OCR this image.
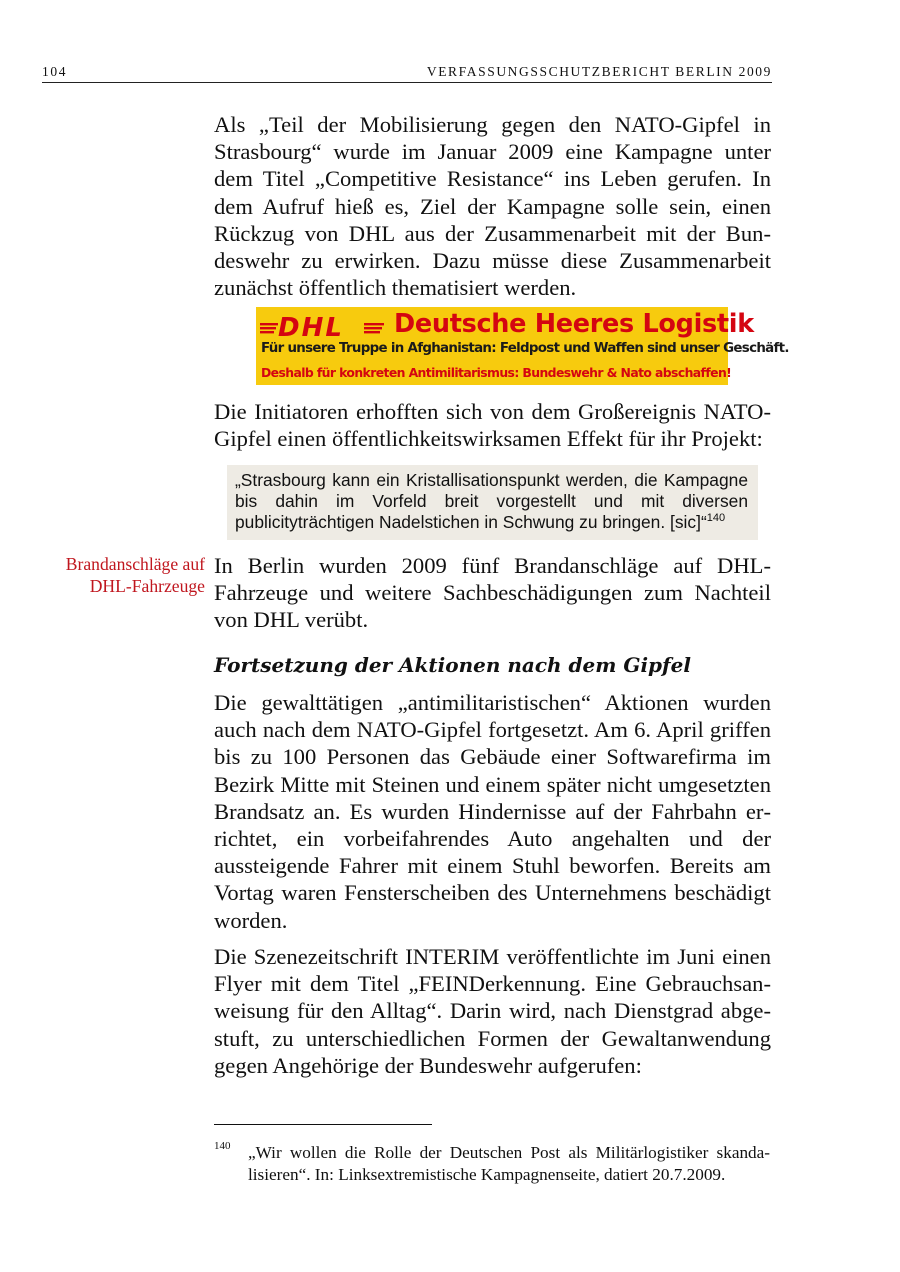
104	VERFASSUNGSSCHUTZBERICHT BERLIN 2009

Als „Teil der Mobilisierung gegen den NATO-Gipfel in Strasbourg“ wurde im Januar 2009 eine Kampagne unter dem Titel „Competitive Resistance“ ins Leben gerufen. In dem Aufruf hieß es, Ziel der Kampagne solle sein, einen Rückzug von DHL aus der Zusammenarbeit mit der Bundeswehr zu erwirken. Dazu müsse diese Zusammenarbeit zunächst öffentlich thematisiert werden.

DHL Deutsche Heeres Logistik
Für unsere Truppe in Afghanistan: Feldpost und Waffen sind unser Geschäft.
Deshalb für konkreten Antimilitarismus: Bundeswehr & Nato abschaffen!

Die Initiatoren erhofften sich von dem Großereignis NATO-Gipfel einen öffentlichkeitswirksamen Effekt für ihr Projekt:

„Strasbourg kann ein Kristallisationspunkt werden, die Kampagne bis dahin im Vorfeld breit vorgestellt und mit diversen publicityträchtigen Nadelstichen in Schwung zu bringen. [sic]“$^{140}$

Brandanschläge auf
DHL-Fahrzeuge

In Berlin wurden 2009 fünf Brandanschläge auf DHL-Fahrzeuge und weitere Sachbeschädigungen zum Nachteil von DHL verübt.

Fortsetzung der Aktionen nach dem Gipfel

Die gewalttätigen „antimilitaristischen“ Aktionen wurden auch nach dem NATO-Gipfel fortgesetzt. Am 6. April griffen bis zu 100 Personen das Gebäude einer Softwarefirma im Bezirk Mitte mit Steinen und einem später nicht umgesetzten Brandsatz an. Es wurden Hindernisse auf der Fahrbahn errichtet, ein vorbeifahrendes Auto angehalten und der aussteigende Fahrer mit einem Stuhl beworfen. Bereits am Vortag waren Fensterscheiben des Unternehmens beschädigt worden.

Die Szenezeitschrift INTERIM veröffentlichte im Juni einen Flyer mit dem Titel „FEINDerkennung. Eine Gebrauchsanweisung für den Alltag“. Darin wird, nach Dienstgrad abgestuft, zu unterschiedlichen Formen der Gewaltanwendung gegen Angehörige der Bundeswehr aufgerufen:

140 „Wir wollen die Rolle der Deutschen Post als Militärlogistiker skandalisieren“. In: Linksextremistische Kampagnenseite, datiert 20.7.2009.
